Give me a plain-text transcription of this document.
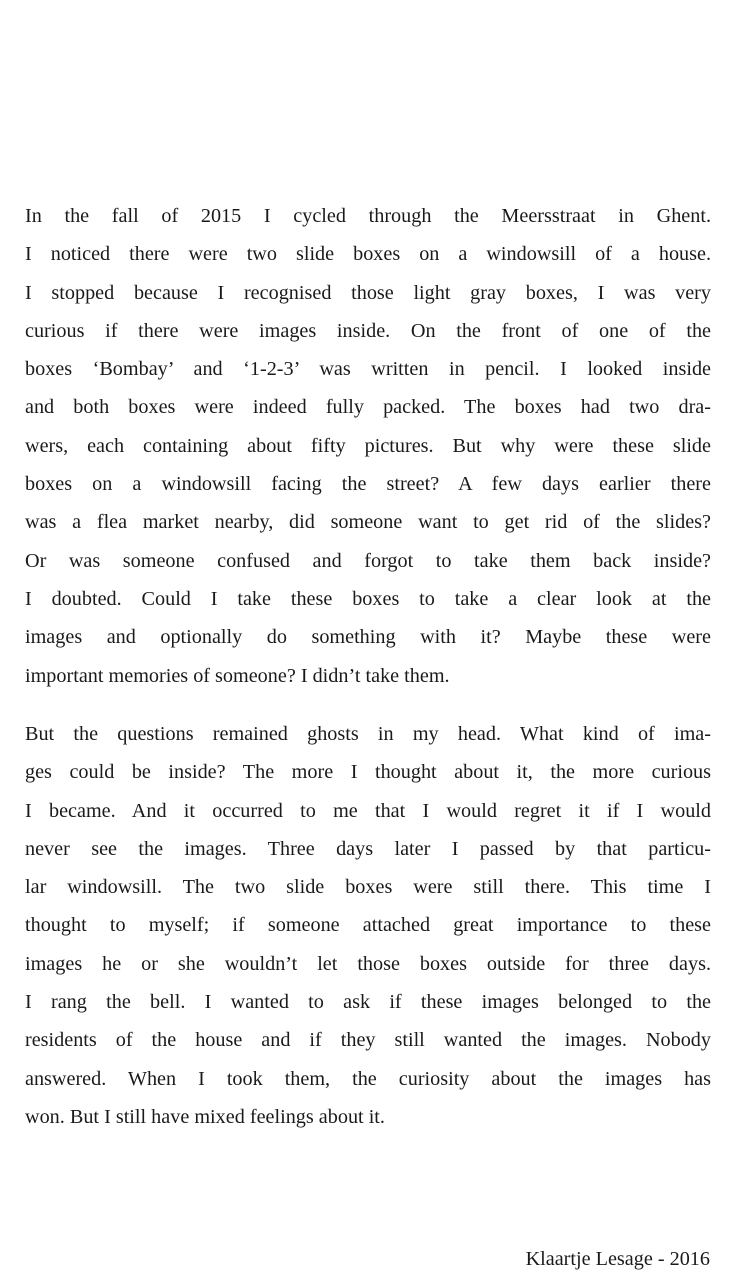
In the fall of 2015 I cycled through the Meersstraat in Ghent.
I noticed there were two slide boxes on a windowsill of a house.
I stopped because I recognised those light gray boxes, I was very
curious if there were images inside. On the front of one of the
boxes ‘Bombay’ and ‘1-2-3’ was written in pencil. I looked inside
and both boxes were indeed fully packed. The boxes had two dra-
wers, each containing about fifty pictures. But why were these slide
boxes on a windowsill facing the street? A few days earlier there
was a flea market nearby, did someone want to get rid of the slides?
Or was someone confused and forgot to take them back inside?
I doubted. Could I take these boxes to take a clear look at the
images and optionally do something with it? Maybe these were
important memories of someone? I didn’t take them.
But the questions remained ghosts in my head. What kind of ima-
ges could be inside? The more I thought about it, the more curious
I became. And it occurred to me that I would regret it if I would
never see the images. Three days later I passed by that particu-
lar windowsill. The two slide boxes were still there. This time I
thought to myself; if someone attached great importance to these
images he or she wouldn’t let those boxes outside for three days.
I rang the bell. I wanted to ask if these images belonged to the
residents of the house and if they still wanted the images. Nobody
answered. When I took them, the curiosity about the images has
won. But I still have mixed feelings about it.
Klaartje Lesage - 2016
